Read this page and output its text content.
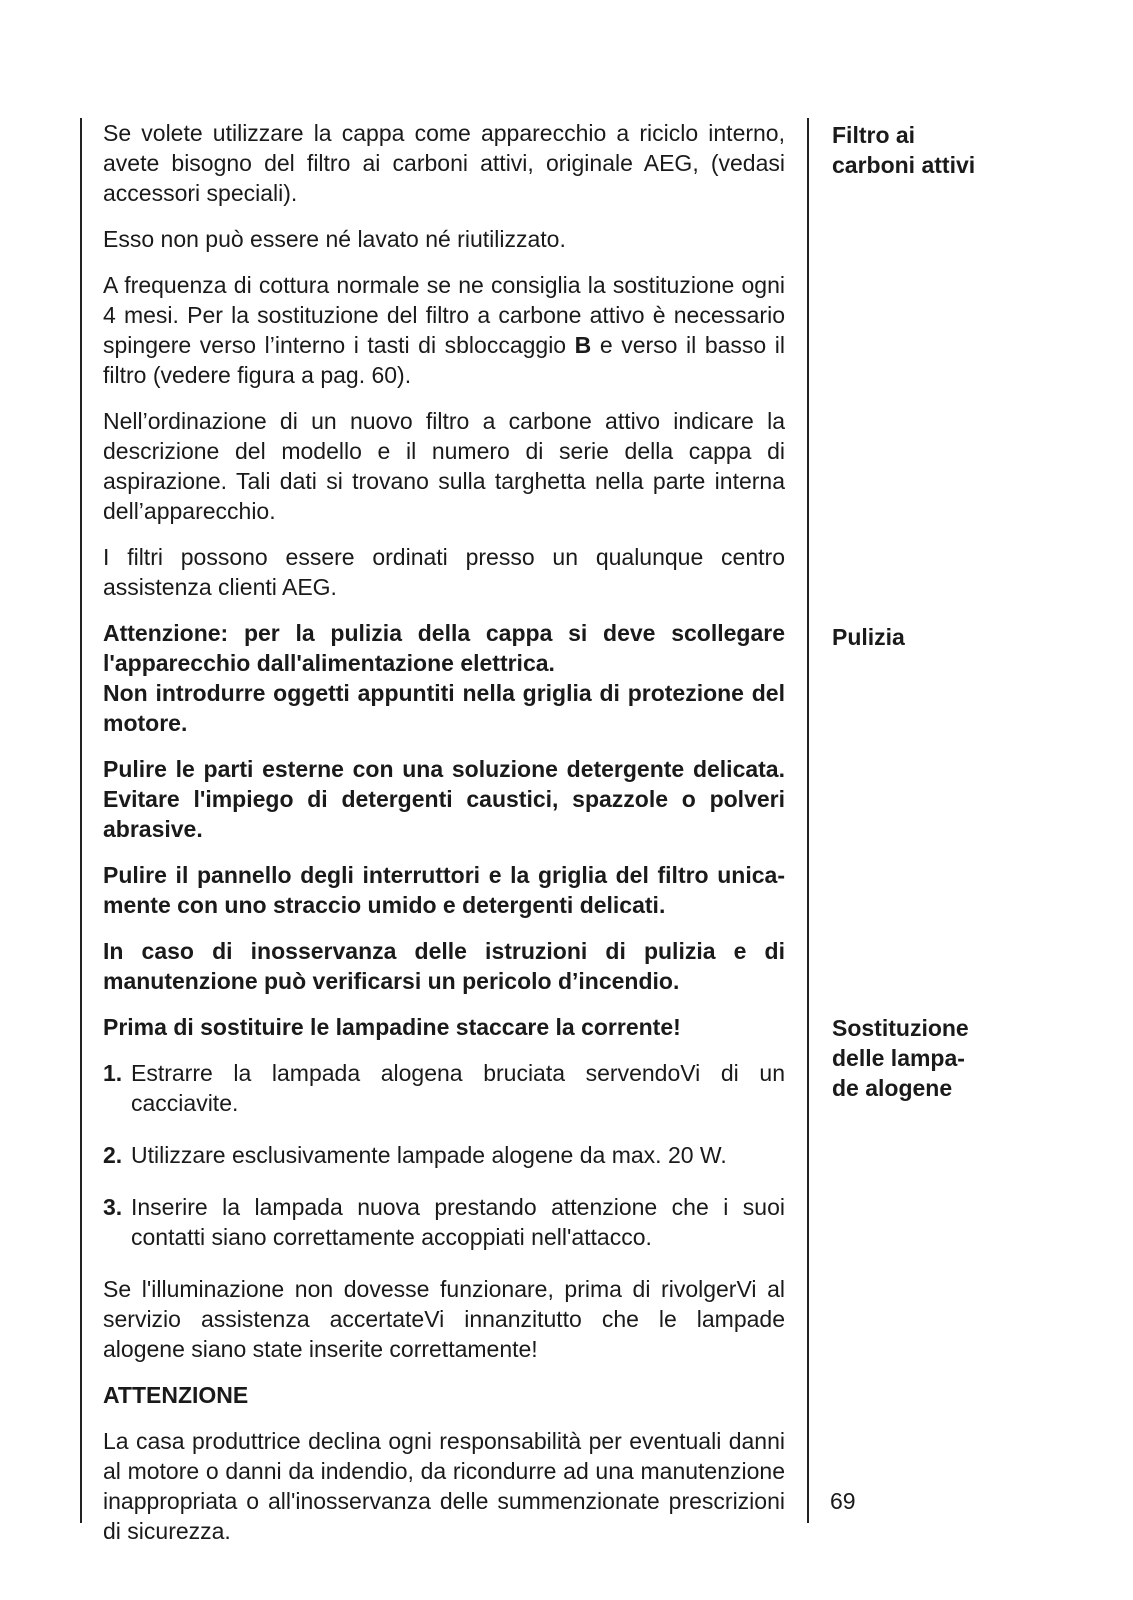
Se volete utilizzare la cappa come apparecchio a riciclo interno, avete bisogno del filtro ai carboni attivi, originale AEG, (vedasi accessori speciali).

Esso non può essere né lavato né riutilizzato.

A frequenza di cottura normale se ne consiglia la sostituzione ogni 4 mesi. Per la sostituzione del filtro a carbone attivo è necessario spingere verso l’interno i tasti di sbloccaggio B e verso il basso il filtro (vedere figura a pag. 60).

Nell’ordinazione di un nuovo filtro a carbone attivo indicare la descrizione del modello e il numero di serie della cappa di aspirazione. Tali dati si trovano sulla targhetta nella parte interna dell’apparecchio.

I filtri possono essere ordinati presso un qualunque centro assistenza clienti AEG.

Attenzione: per la pulizia della cappa si deve scollegare l'apparecchio dall'alimentazione elettrica.
Non introdurre oggetti appuntiti nella griglia di protezione del motore.

Pulire le parti esterne con una soluzione detergente delicata. Evitare l'impiego di detergenti caustici, spazzole o polveri abrasive.

Pulire il pannello degli interruttori e la griglia del filtro unicamente con uno straccio umido e detergenti delicati.

In caso di inosservanza delle istruzioni di pulizia e di manutenzione può verificarsi un pericolo d’incendio.

Prima di sostituire le lampadine staccare la corrente!

1. Estrarre la lampada alogena bruciata servendoVi di un cacciavite.
2. Utilizzare esclusivamente lampade alogene da max. 20 W.
3. Inserire la lampada nuova prestando attenzione che i suoi contatti siano correttamente accoppiati nell'attacco.

Se l'illuminazione non dovesse funzionare, prima di rivolgerVi al servizio assistenza accertateVi innanzitutto che le lampade alogene siano state inserite correttamente!

ATTENZIONE

La casa produttrice declina ogni responsabilità per eventuali danni al motore o danni da indendio, da ricondurre ad una manutenzione inappropriata o all'inosservanza delle summenzionate prescrizioni di sicurezza.

Filtro ai
carboni attivi
Pulizia
Sostituzione
delle lampa-
de alogene
69
